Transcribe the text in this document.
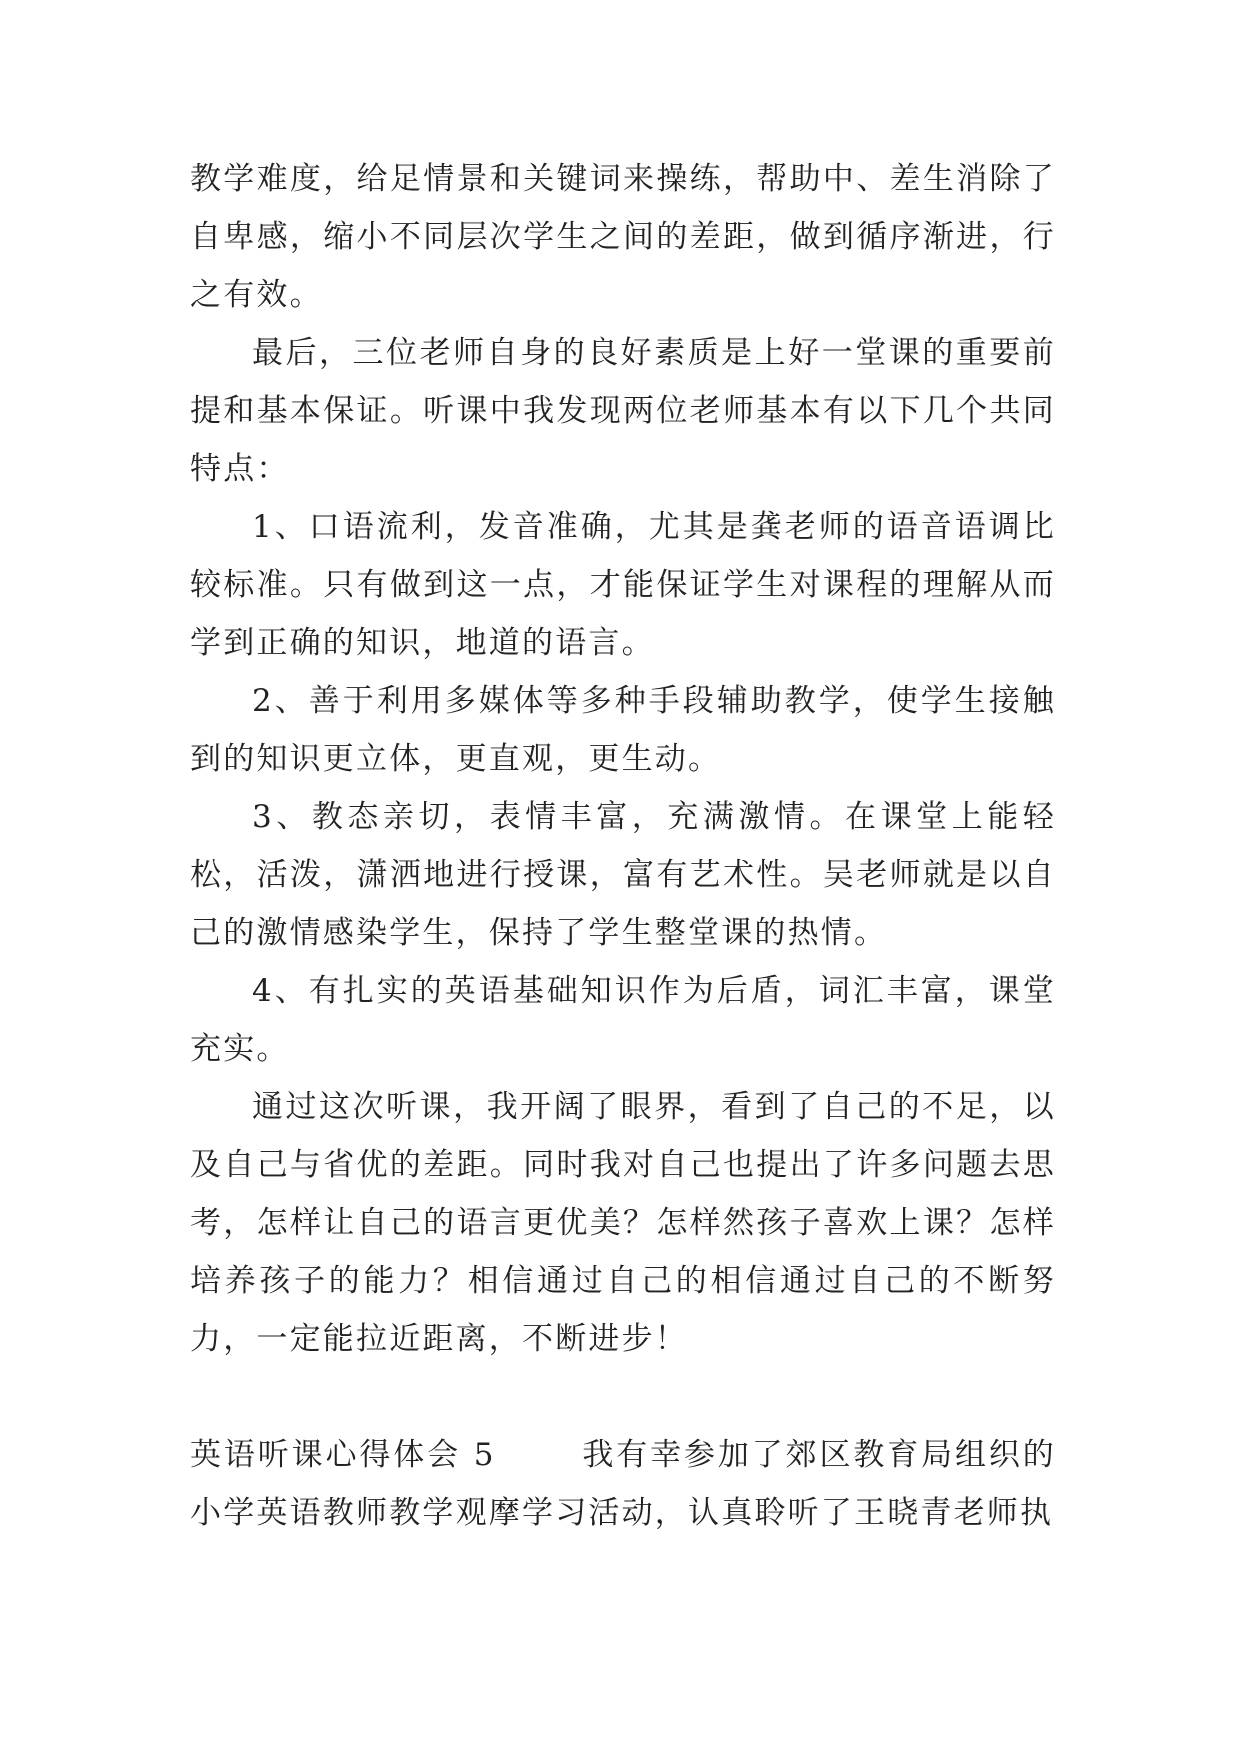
教学难度，给足情景和关键词来操练，帮助中、差生消除了自卑感，缩小不同层次学生之间的差距，做到循序渐进，行之有效。

最后，三位老师自身的良好素质是上好一堂课的重要前提和基本保证。听课中我发现两位老师基本有以下几个共同特点：

1、口语流利，发音准确，尤其是龚老师的语音语调比较标准。只有做到这一点，才能保证学生对课程的理解从而学到正确的知识，地道的语言。

2、善于利用多媒体等多种手段辅助教学，使学生接触到的知识更立体，更直观，更生动。

3、教态亲切，表情丰富，充满激情。在课堂上能轻松，活泼，潇洒地进行授课，富有艺术性。吴老师就是以自己的激情感染学生，保持了学生整堂课的热情。

4、有扎实的英语基础知识作为后盾，词汇丰富，课堂充实。

通过这次听课，我开阔了眼界，看到了自己的不足，以及自己与省优的差距。同时我对自己也提出了许多问题去思考，怎样让自己的语言更优美？怎样然孩子喜欢上课？怎样培养孩子的能力？相信通过自己的相信通过自己的不断努力，一定能拉近距离，不断进步！

英语听课心得体会 5	我有幸参加了郊区教育局组织的小学英语教师教学观摩学习活动，认真聆听了王晓青老师执
